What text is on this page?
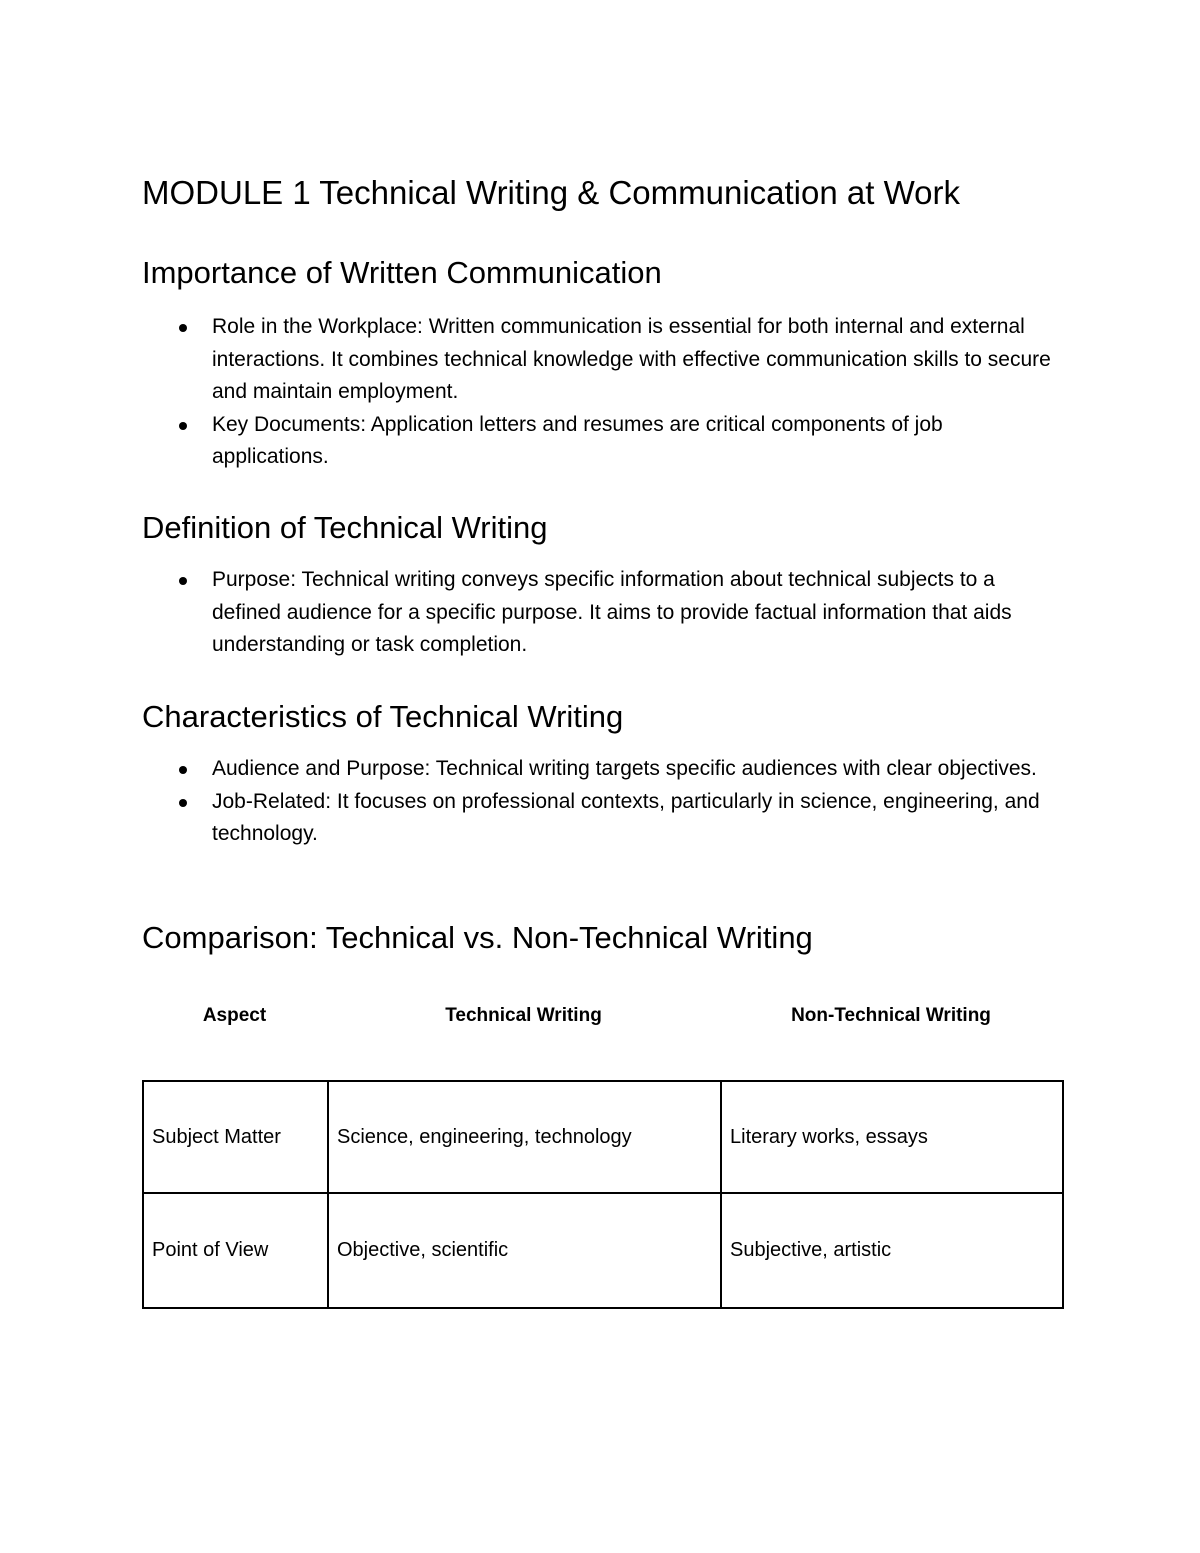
MODULE 1 Technical Writing & Communication at Work
Importance of Written Communication
Role in the Workplace: Written communication is essential for both internal and external interactions. It combines technical knowledge with effective communication skills to secure and maintain employment.
Key Documents: Application letters and resumes are critical components of job applications.
Definition of Technical Writing
Purpose: Technical writing conveys specific information about technical subjects to a defined audience for a specific purpose. It aims to provide factual information that aids understanding or task completion.
Characteristics of Technical Writing
Audience and Purpose: Technical writing targets specific audiences with clear objectives.
Job-Related: It focuses on professional contexts, particularly in science, engineering, and technology.
Comparison: Technical vs. Non-Technical Writing
Aspect	Technical Writing	Non-Technical Writing
Subject Matter	Science, engineering, technology	Literary works, essays
Point of View	Objective, scientific	Subjective, artistic
